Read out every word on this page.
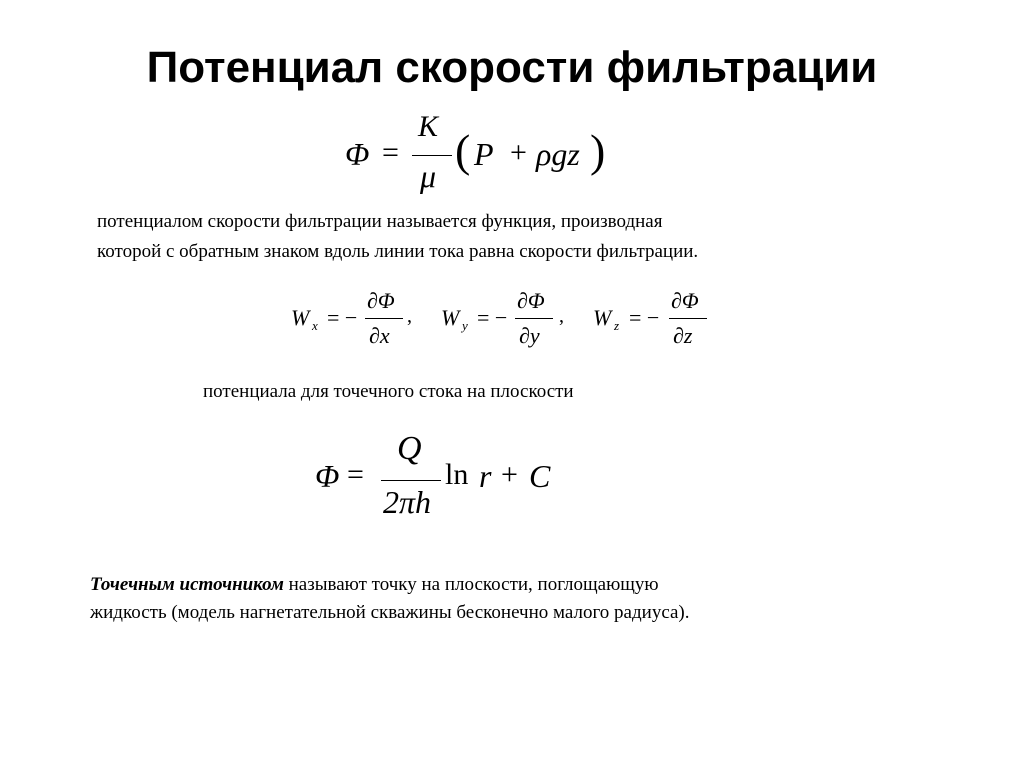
Потенциал скорости фильтрации
Φ =
K
μ ( P + ρgz )
потенциалом скорости фильтрации называется функция, производная
которой с обратным знаком вдоль линии тока равна скорости фильтрации.
W x = −
∂Φ
∂x
, W y = −
∂Φ
∂y
, W z = −
∂Φ
∂z
потенциала для точечного стока на плоскости
Φ =
Q
2πh
ln r + C
Точечным источником называют точку на плоскости, поглощающую
жидкость (модель нагнетательной скважины бесконечно малого радиуса).
